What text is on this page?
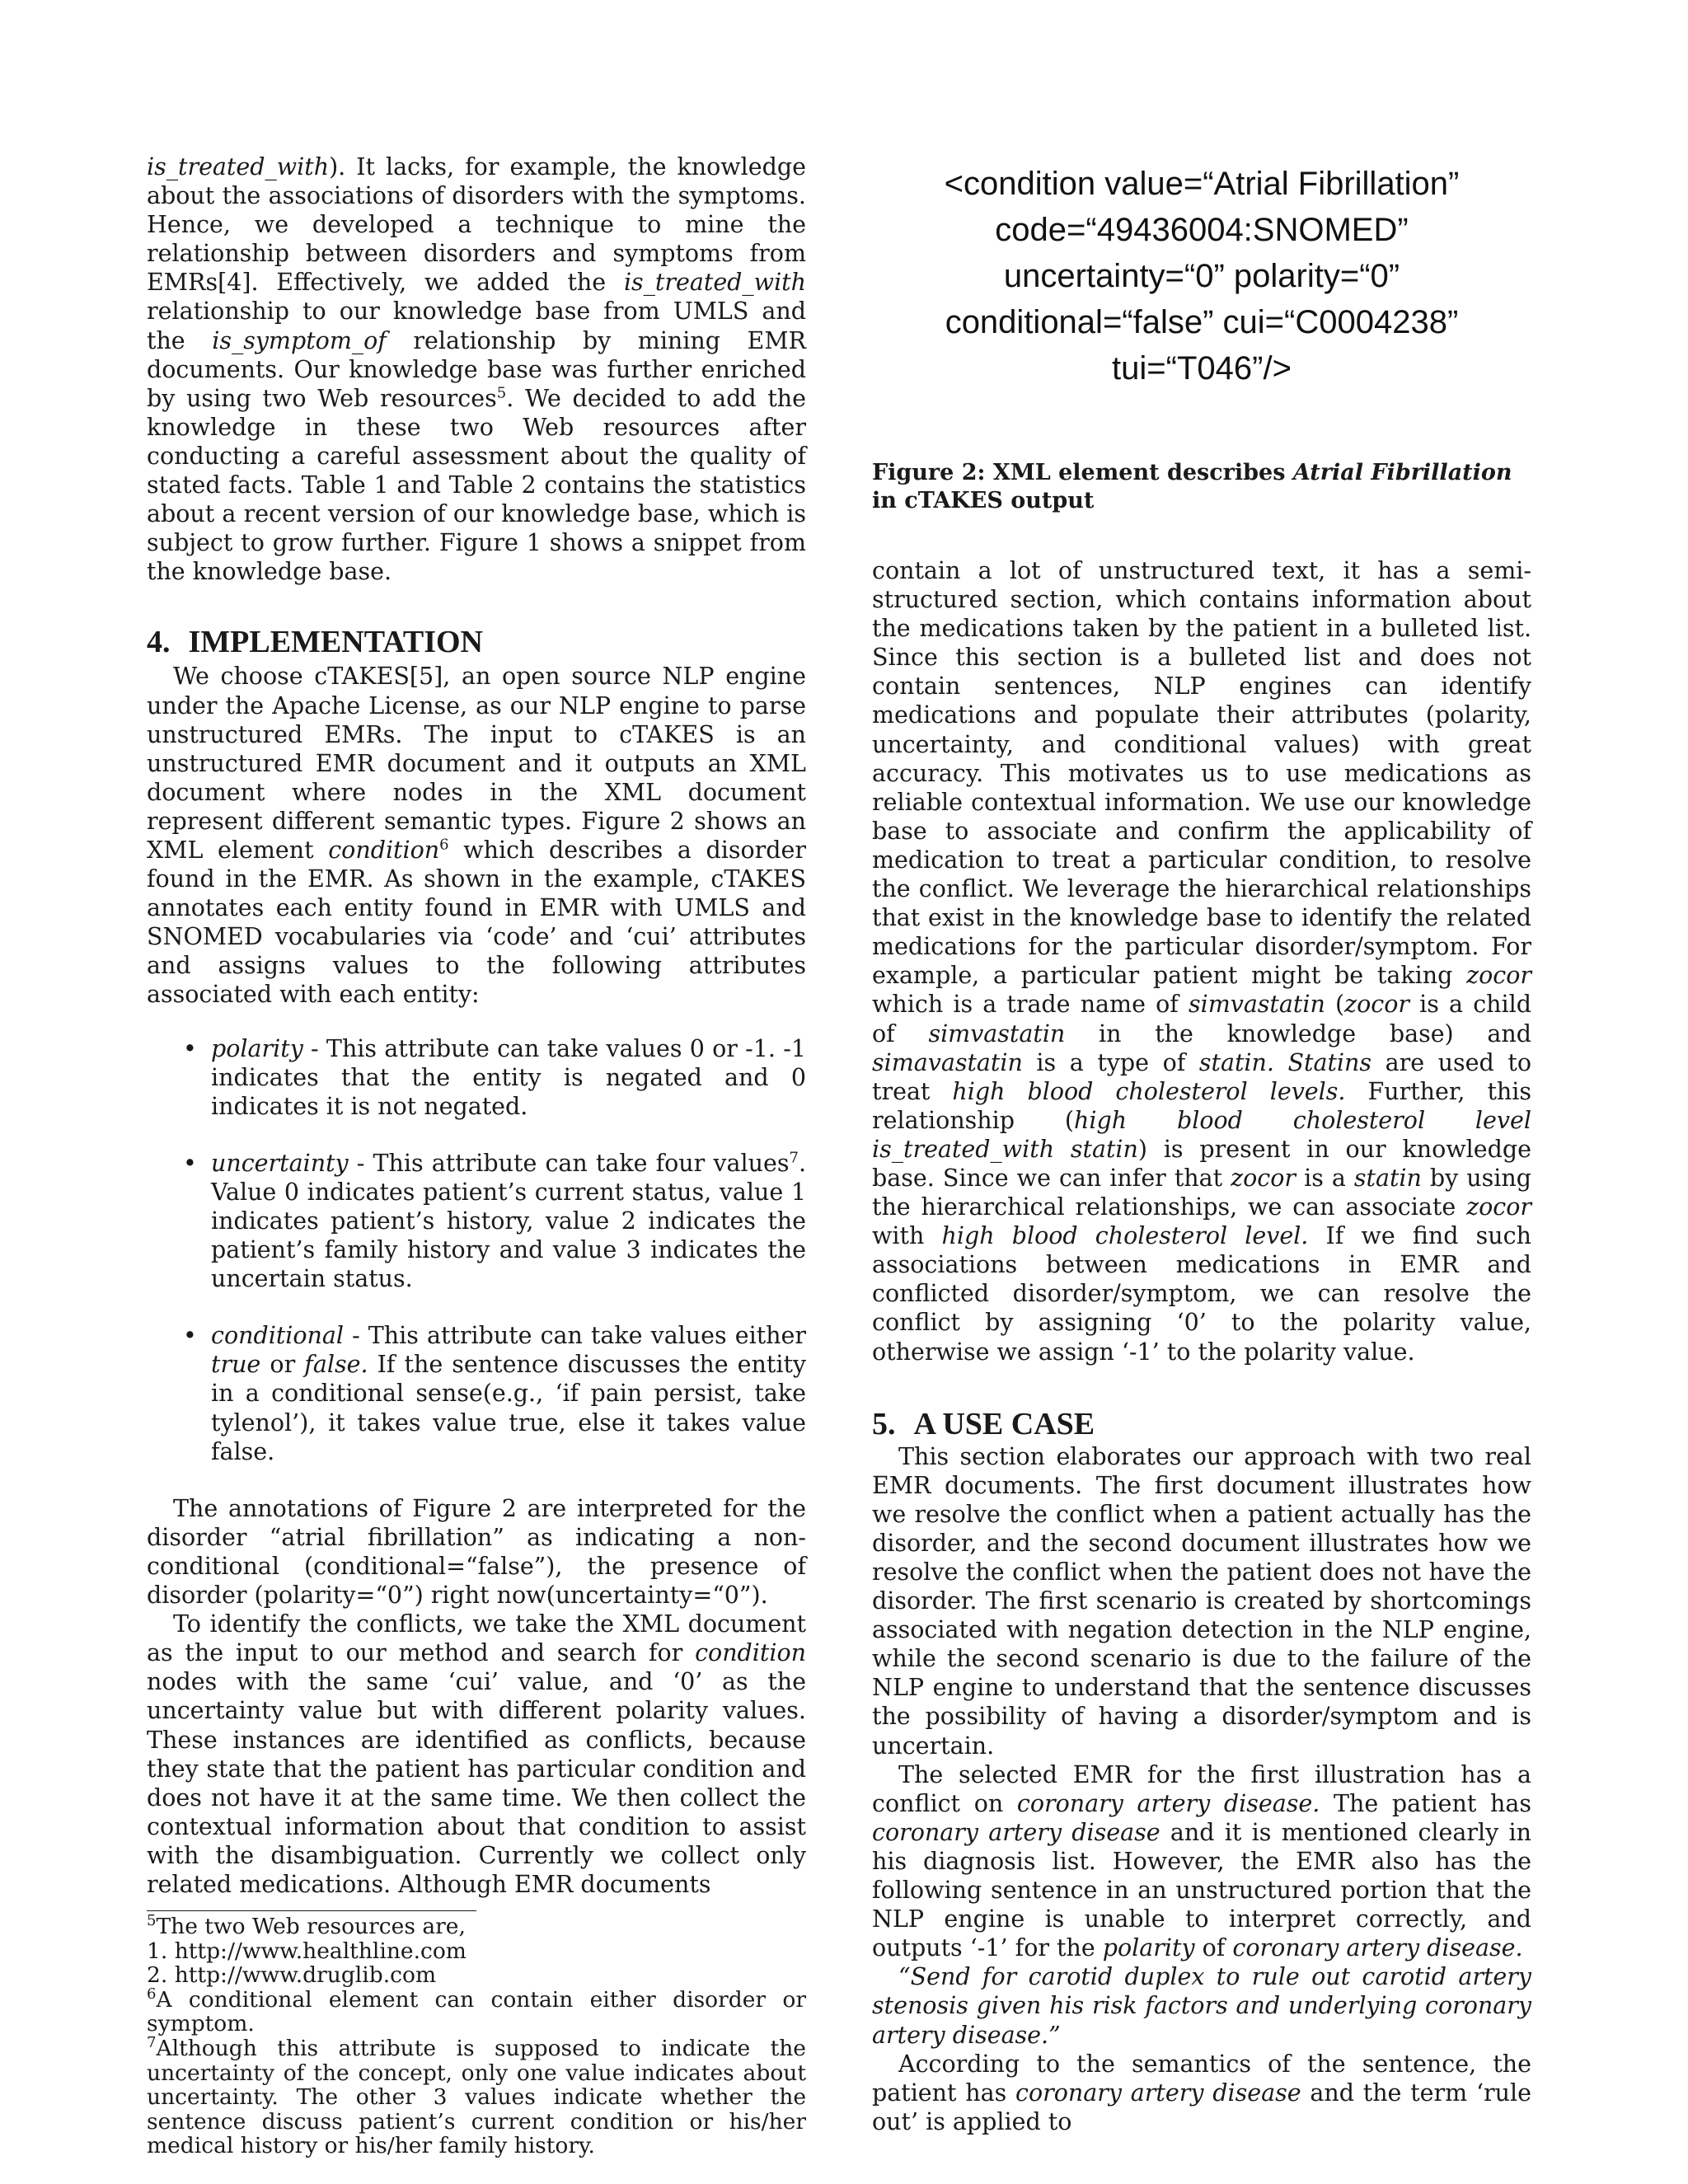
is_treated_with). It lacks, for example, the knowledge about the associations of disorders with the symptoms. Hence, we developed a technique to mine the relationship between disorders and symptoms from EMRs[4]. Effectively, we added the is_treated_with relationship to our knowledge base from UMLS and the is_symptom_of relationship by mining EMR documents. Our knowledge base was further enriched by using two Web resources$^5$. We decided to add the knowledge in these two Web resources after conducting a careful assessment about the quality of stated facts. Table 1 and Table 2 contains the statistics about a recent version of our knowledge base, which is subject to grow further. Figure 1 shows a snippet from the knowledge base.

4. IMPLEMENTATION

We choose cTAKES[5], an open source NLP engine under the Apache License, as our NLP engine to parse unstructured EMRs. The input to cTAKES is an unstructured EMR document and it outputs an XML document where nodes in the XML document represent different semantic types. Figure 2 shows an XML element condition$^6$ which describes a disorder found in the EMR. As shown in the example, cTAKES annotates each entity found in EMR with UMLS and SNOMED vocabularies via ‘code’ and ‘cui’ attributes and assigns values to the following attributes associated with each entity:

• polarity - This attribute can take values 0 or -1. -1 indicates that the entity is negated and 0 indicates it is not negated.
• uncertainty - This attribute can take four values$^7$. Value 0 indicates patient’s current status, value 1 indicates patient’s history, value 2 indicates the patient’s family history and value 3 indicates the uncertain status.
• conditional - This attribute can take values either true or false. If the sentence discusses the entity in a conditional sense(e.g., ‘if pain persist, take tylenol’), it takes value true, else it takes value false.

The annotations of Figure 2 are interpreted for the disorder “atrial fibrillation” as indicating a non-conditional (conditional=“false”), the presence of disorder (polarity=“0”) right now(uncertainty=“0”).

To identify the conflicts, we take the XML document as the input to our method and search for condition nodes with the same ‘cui’ value, and ‘0’ as the uncertainty value but with different polarity values. These instances are identified as conflicts, because they state that the patient has particular condition and does not have it at the same time. We then collect the contextual information about that condition to assist with the disambiguation. Currently we collect only related medications. Although EMR documents

$^5$The two Web resources are,
1. http://www.healthline.com
2. http://www.druglib.com
$^6$A conditional element can contain either disorder or symptom.
$^7$Although this attribute is supposed to indicate the uncertainty of the concept, only one value indicates about uncertainty. The other 3 values indicate whether the sentence discuss patient’s current condition or his/her medical history or his/her family history.
<condition value=“Atrial Fibrillation”
code=“49436004:SNOMED”
uncertainty=“0” polarity=“0”
conditional=“false” cui=“C0004238”
tui=“T046”/>

Figure 2: XML element describes Atrial Fibrillation in cTAKES output

contain a lot of unstructured text, it has a semi-structured section, which contains information about the medications taken by the patient in a bulleted list. Since this section is a bulleted list and does not contain sentences, NLP engines can identify medications and populate their attributes (polarity, uncertainty, and conditional values) with great accuracy. This motivates us to use medications as reliable contextual information. We use our knowledge base to associate and confirm the applicability of medication to treat a particular condition, to resolve the conflict. We leverage the hierarchical relationships that exist in the knowledge base to identify the related medications for the particular disorder/symptom. For example, a particular patient might be taking zocor which is a trade name of simvastatin (zocor is a child of simvastatin in the knowledge base) and simavastatin is a type of statin. Statins are used to treat high blood cholesterol levels. Further, this relationship (high blood cholesterol level is_treated_with statin) is present in our knowledge base. Since we can infer that zocor is a statin by using the hierarchical relationships, we can associate zocor with high blood cholesterol level. If we find such associations between medications in EMR and conflicted disorder/symptom, we can resolve the conflict by assigning ‘0’ to the polarity value, otherwise we assign ‘-1’ to the polarity value.

5. A USE CASE

This section elaborates our approach with two real EMR documents. The first document illustrates how we resolve the conflict when a patient actually has the disorder, and the second document illustrates how we resolve the conflict when the patient does not have the disorder. The first scenario is created by shortcomings associated with negation detection in the NLP engine, while the second scenario is due to the failure of the NLP engine to understand that the sentence discusses the possibility of having a disorder/symptom and is uncertain.

The selected EMR for the first illustration has a conflict on coronary artery disease. The patient has coronary artery disease and it is mentioned clearly in his diagnosis list. However, the EMR also has the following sentence in an unstructured portion that the NLP engine is unable to interpret correctly, and outputs ‘-1’ for the polarity of coronary artery disease.

“Send for carotid duplex to rule out carotid artery stenosis given his risk factors and underlying coronary artery disease.”

According to the semantics of the sentence, the patient has coronary artery disease and the term ‘rule out’ is applied to
